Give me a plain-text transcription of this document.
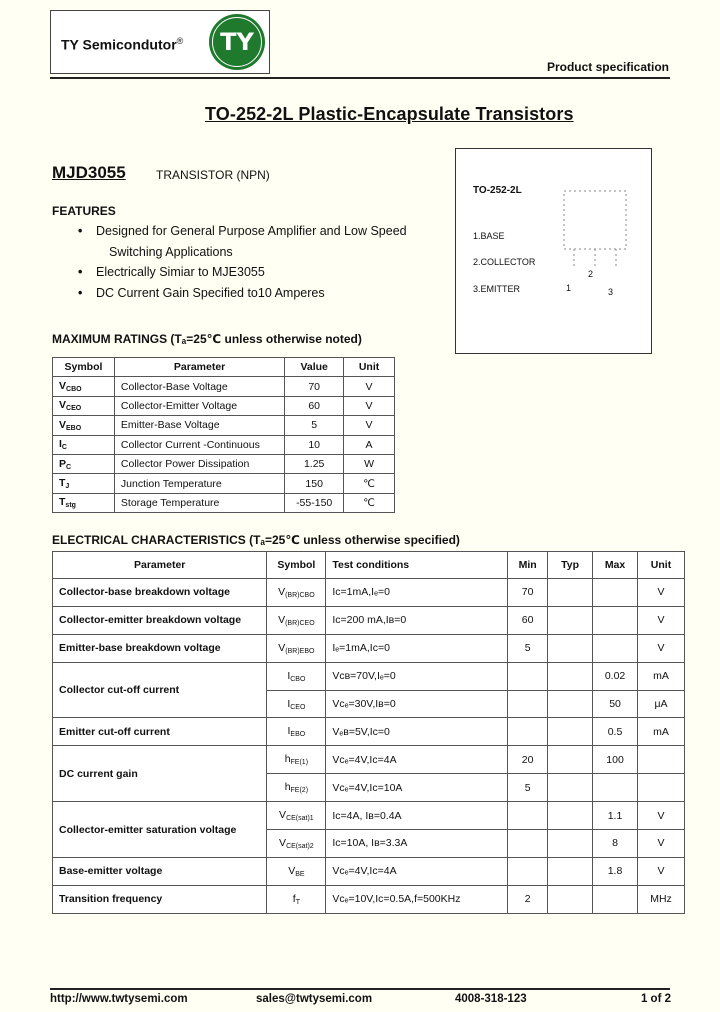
TY Semicondutor® TY
Product specification
TO-252-2L Plastic-Encapsulate Transistors
MJD3055	TRANSISTOR (NPN)
TO-252-2L
1.BASE
2.COLLECTOR
3.EMITTER	1
2
3
FEATURES
• Designed for General Purpose Amplifier and Low Speed
Switching Applications
• Electrically Simiar to MJE3055
• DC Current Gain Specified to10 Amperes
MAXIMUM RATINGS (Tₐ=25℃ unless otherwise noted)
Symbol	Parameter	Value	Unit
$V_{CBO}$	Collector-Base Voltage	70	V
$V_{CEO}$	Collector-Emitter Voltage	60	V
$V_{EBO}$	Emitter-Base Voltage	5	V
$I_C$	Collector Current -Continuous	10	A
$P_C$	Collector Power Dissipation	1.25	W
$T_J$	Junction Temperature	150	℃
$T_{stg}$	Storage Temperature	-55-150	℃
ELECTRICAL CHARACTERISTICS (Tₐ=25℃ unless otherwise specified)
Parameter	Symbol	Test conditions	Min	Typ	Max	Unit
Collector-base breakdown voltage	$V_{(BR)CBO}$	Iᴄ=1mA,Iₑ=0	70			V
Collector-emitter breakdown voltage	$V_{(BR)CEO}$	Iᴄ=200 mA,Iʙ=0	60			V
Emitter-base breakdown voltage	$V_{(BR)EBO}$	Iₑ=1mA,Iᴄ=0	5			V
Collector cut-off current	$I_{CBO}$	Vᴄʙ=70V,Iₑ=0			0.02	mA
	$I_{CEO}$	Vᴄₑ=30V,Iʙ=0			50	μA
Emitter cut-off current	$I_{EBO}$	Vₑʙ=5V,Iᴄ=0			0.5	mA
DC current gain	$h_{FE(1)}$	Vᴄₑ=4V,Iᴄ=4A	20		100	
	$h_{FE(2)}$	Vᴄₑ=4V,Iᴄ=10A	5			
Collector-emitter saturation voltage	$V_{CE(sat)1}$	Iᴄ=4A, Iʙ=0.4A			1.1	V
	$V_{CE(sat)2}$	Iᴄ=10A, Iʙ=3.3A			8	V
Base-emitter voltage	$V_{BE}$	Vᴄₑ=4V,Iᴄ=4A			1.8	V
Transition frequency	$f_T$	Vᴄₑ=10V,Iᴄ=0.5A,f=500KHz	2			MHz
http://www.twtysemi.com	sales@twtysemi.com	4008-318-123	1 of 2
